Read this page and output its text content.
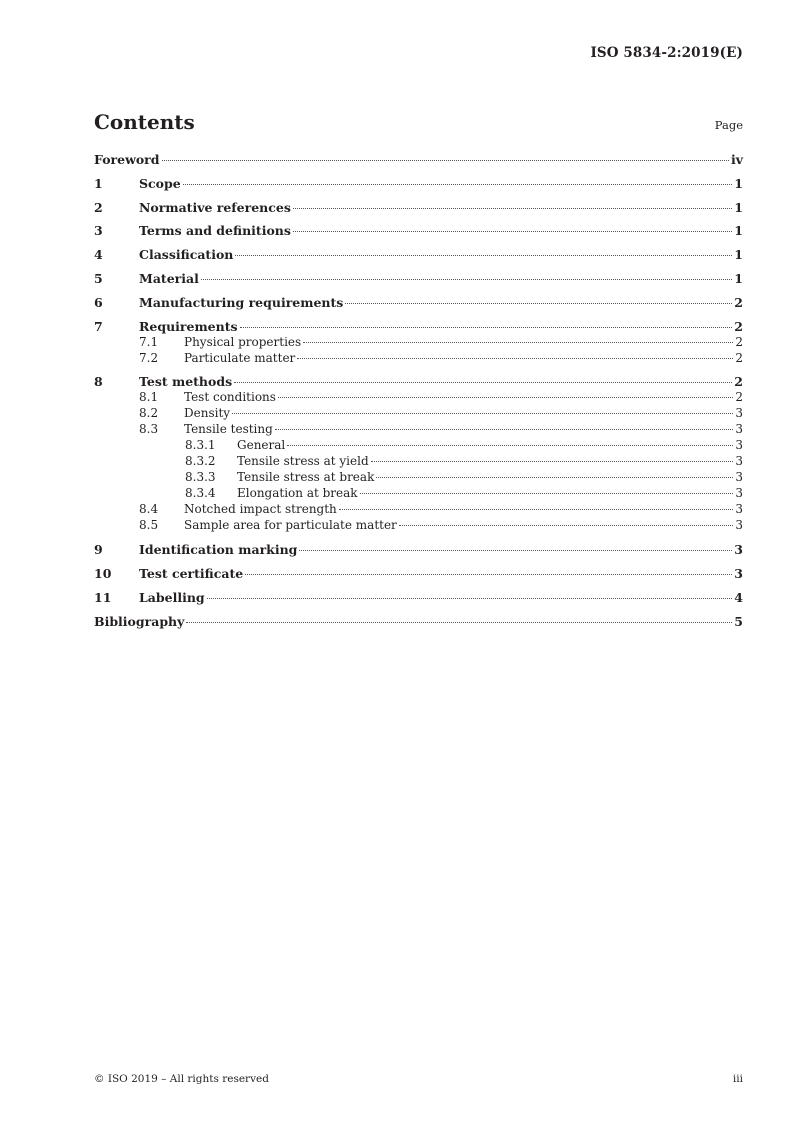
ISO 5834-2:2019(E)
Contents	Page
Foreword	iv
1	Scope	1
2	Normative references	1
3	Terms and definitions	1
4	Classification	1
5	Material	1
6	Manufacturing requirements	2
7	Requirements	2
7.1	Physical properties	2
7.2	Particulate matter	2
8	Test methods	2
8.1	Test conditions	2
8.2	Density	3
8.3	Tensile testing	3
8.3.1	General	3
8.3.2	Tensile stress at yield	3
8.3.3	Tensile stress at break	3
8.3.4	Elongation at break	3
8.4	Notched impact strength	3
8.5	Sample area for particulate matter	3
9	Identification marking	3
10	Test certificate	3
11	Labelling	4
Bibliography	5
© ISO 2019 – All rights reserved	iii
